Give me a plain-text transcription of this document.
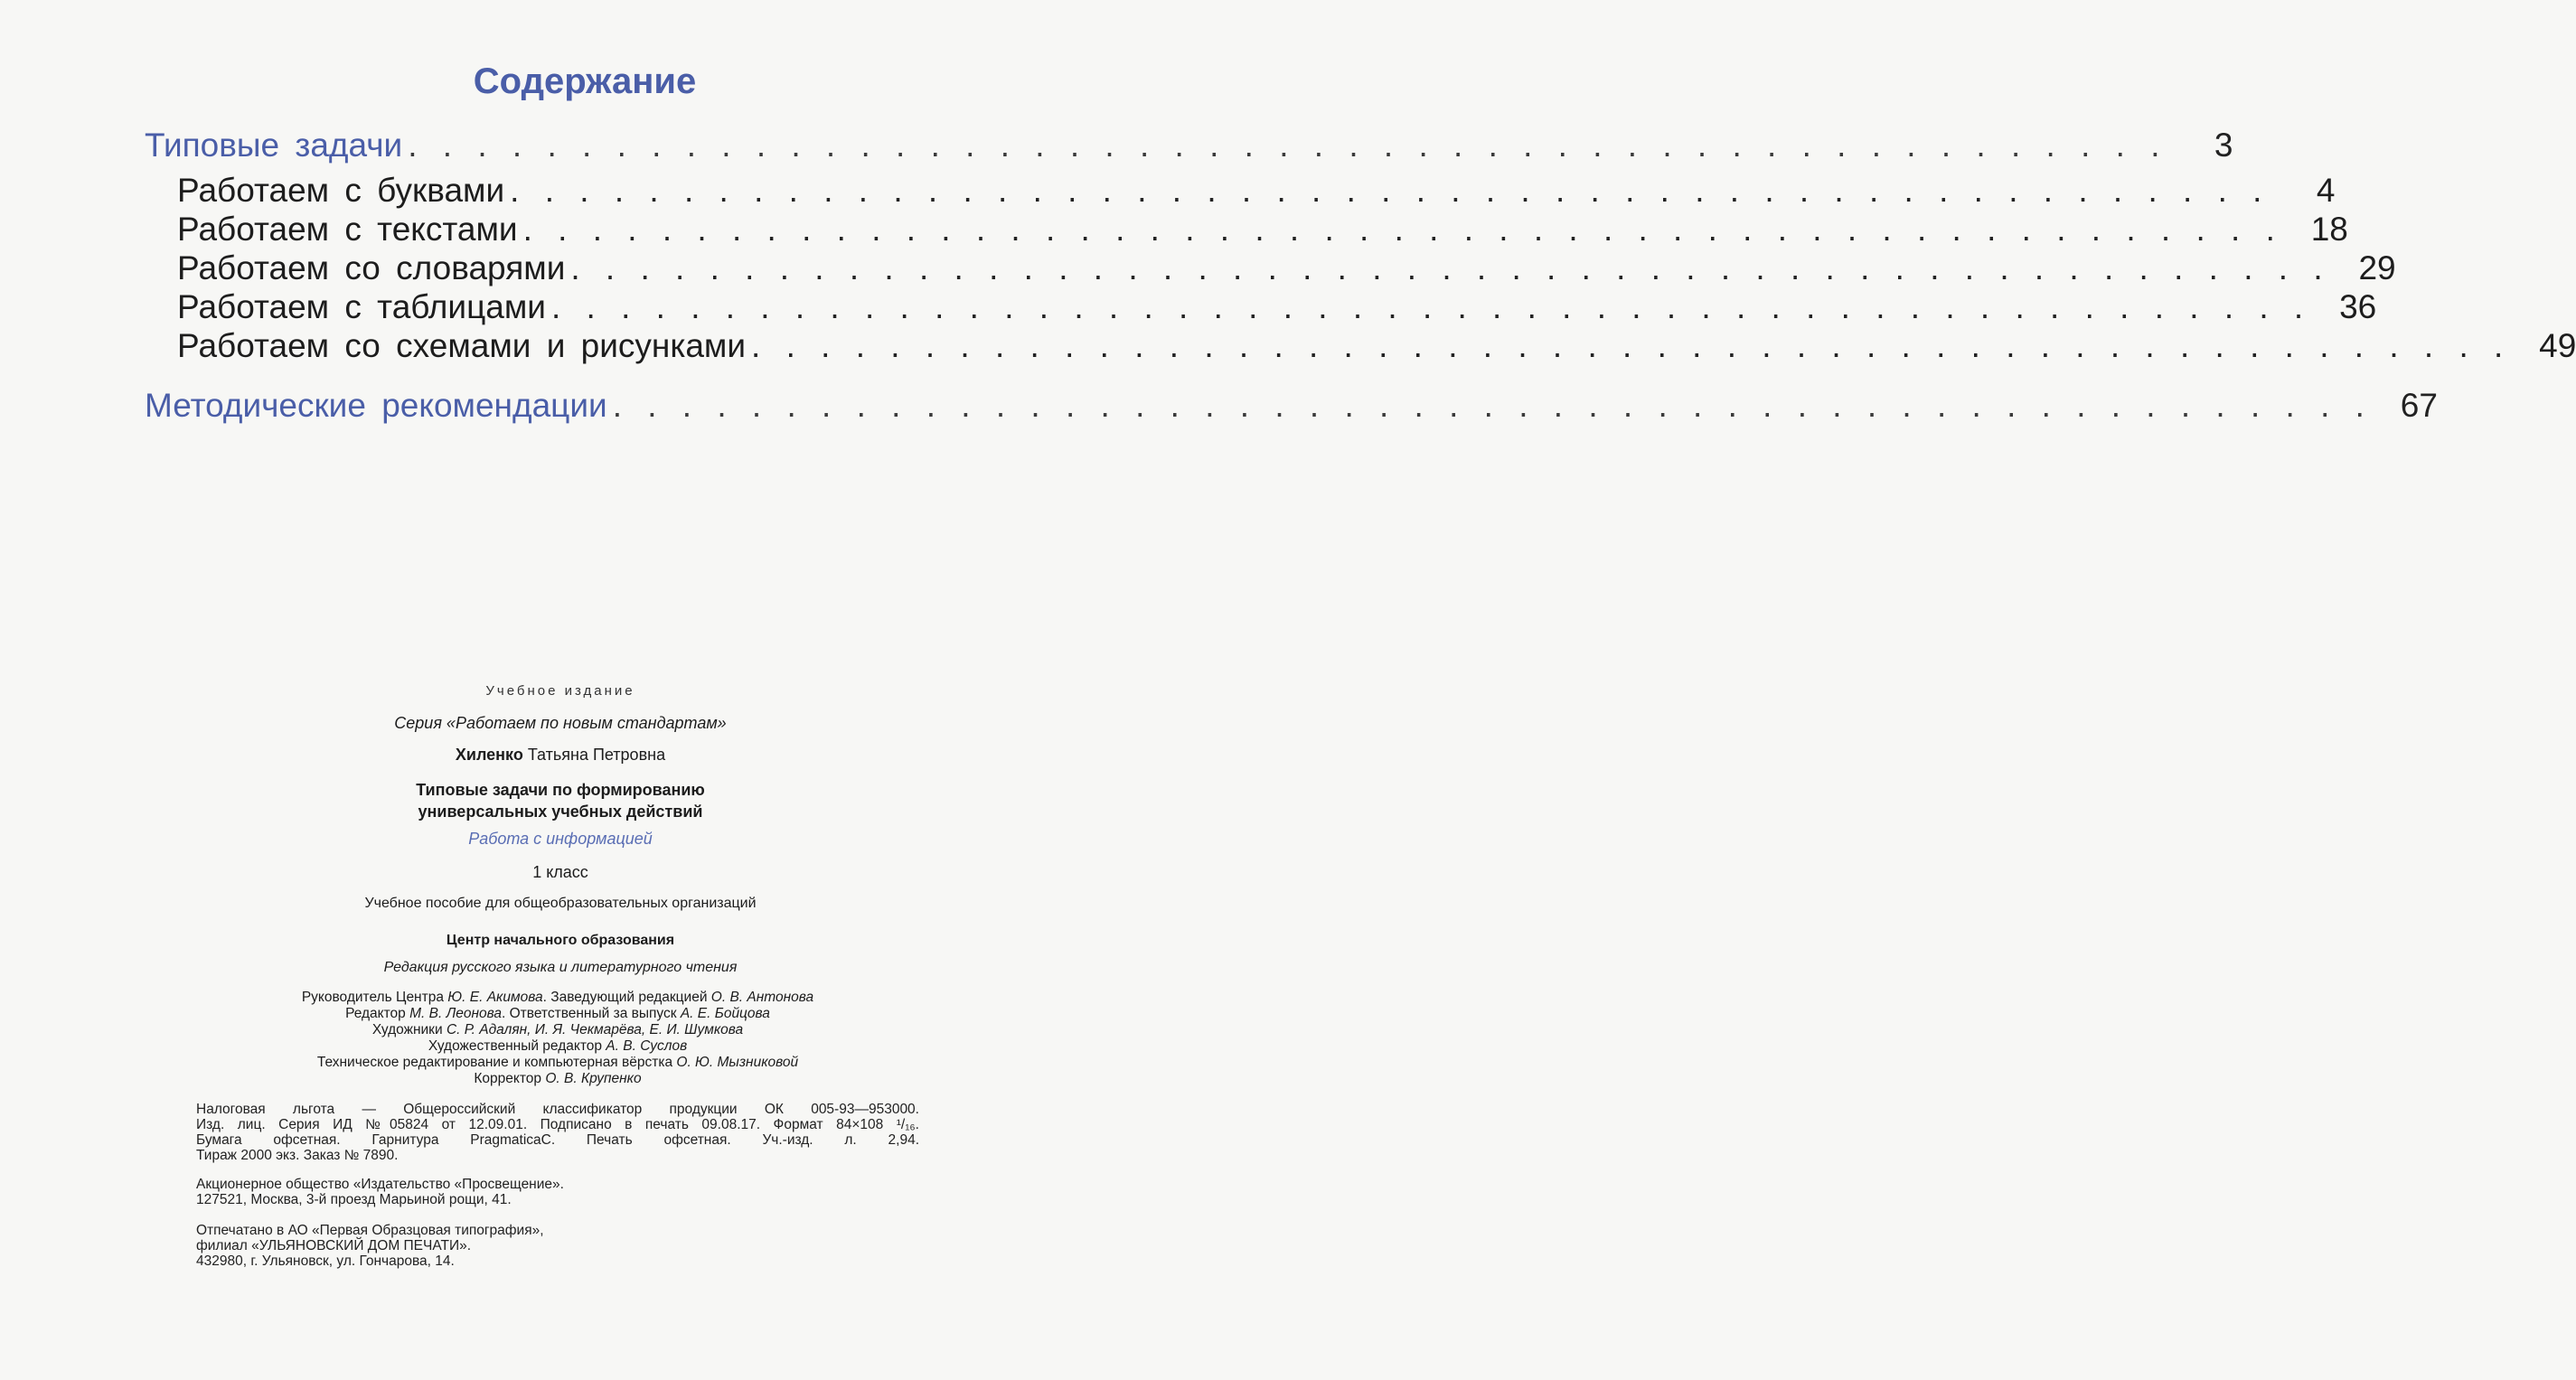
Содержание
Типовые задачи . . . . . . . . . . . . . . . . . . . . . . . . . . . . . . . . . . . . . . . . . . . . . . . . . . .	3
Работаем с буквами . . . . . . . . . . . . . . . . . . . . . . . . . . . . . . . . . . . . . . . . . . . . . . . . . . .	4
Работаем с текстами . . . . . . . . . . . . . . . . . . . . . . . . . . . . . . . . . . . . . . . . . . . . . . . . . . . 18
Работаем со словарями . . . . . . . . . . . . . . . . . . . . . . . . . . . . . . . . . . . . . . . . . . . . . . . . . . . 29
Работаем с таблицами . . . . . . . . . . . . . . . . . . . . . . . . . . . . . . . . . . . . . . . . . . . . . . . . . . . 36
Работаем со схемами и рисунками . . . . . . . . . . . . . . . . . . . . . . . . . . . . . . . . . . . . . . . . . . . . . . . . . . . 49
Методические рекомендации . . . . . . . . . . . . . . . . . . . . . . . . . . . . . . . . . . . . . . . . . . . . . . . . . . . 67
Учебное издание
Серия «Работаем по новым стандартам»
Хиленко Татьяна Петровна
Типовые задачи по формированию
универсальных учебных действий
Работа с информацией
1 класс
Учебное пособие для общеобразовательных организаций
Центр начального образования
Редакция русского языка и литературного чтения
Руководитель Центра Ю. Е. Акимова. Заведующий редакцией О. В. Антонова
Редактор М. В. Леонова. Ответственный за выпуск А. Е. Бойцова
Художники С. Р. Адалян, И. Я. Чекмарёва, Е. И. Шумкова
Художественный редактор А. В. Суслов
Техническое редактирование и компьютерная вёрстка О. Ю. Мызниковой
Корректор О. В. Крупенко

Налоговая льгота — Общероссийский классификатор продукции ОК 005-93—953000.

Изд. лиц. Серия ИД №05824 от 12.09.01. Подписано в печать 09.08.17. Формат 84×108 ¹/₁₆.

Бумага офсетная. Гарнитура PragmaticaC. Печать офсетная. Уч.-изд. л. 2,94.

Тираж 2000 экз. Заказ № 7890.

Акционерное общество «Издательство «Просвещение».

127521, Москва, 3-й проезд Марьиной рощи, 41.

Отпечатано в АО «Первая Образцовая типография»,

филиал «УЛЬЯНОВСКИЙ ДОМ ПЕЧАТИ».

432980, г. Ульяновск, ул. Гончарова, 14.
